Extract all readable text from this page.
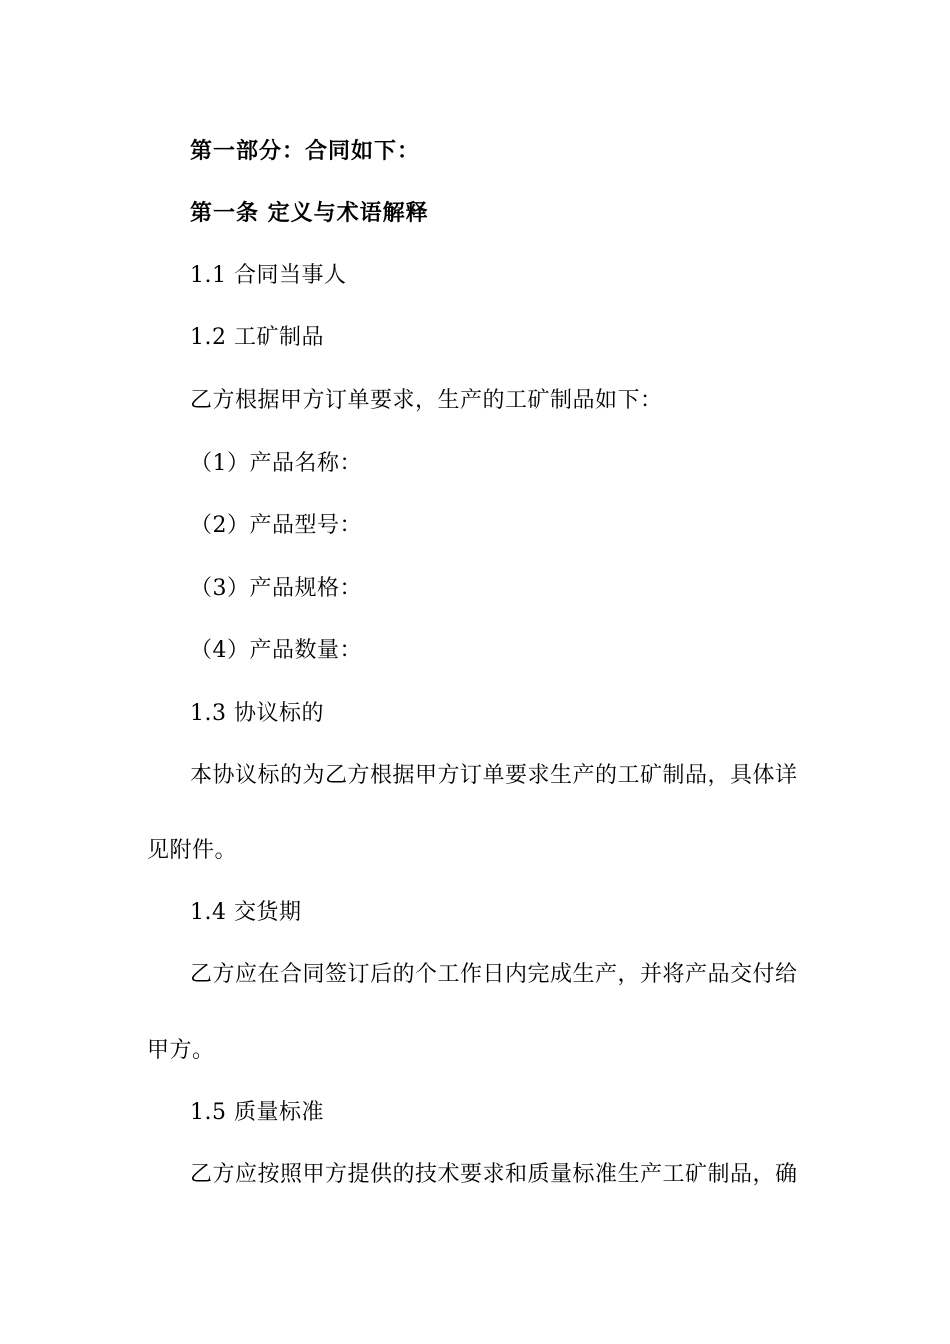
第一部分：合同如下：
第一条 定义与术语解释
1.1 合同当事人
1.2 工矿制品
乙方根据甲方订单要求，生产的工矿制品如下：
（1）产品名称：
（2）产品型号：
（3）产品规格：
（4）产品数量：
1.3 协议标的
本协议标的为乙方根据甲方订单要求生产的工矿制品，具体详
见附件。
1.4 交货期
乙方应在合同签订后的个工作日内完成生产，并将产品交付给
甲方。
1.5 质量标准
乙方应按照甲方提供的技术要求和质量标准生产工矿制品，确
